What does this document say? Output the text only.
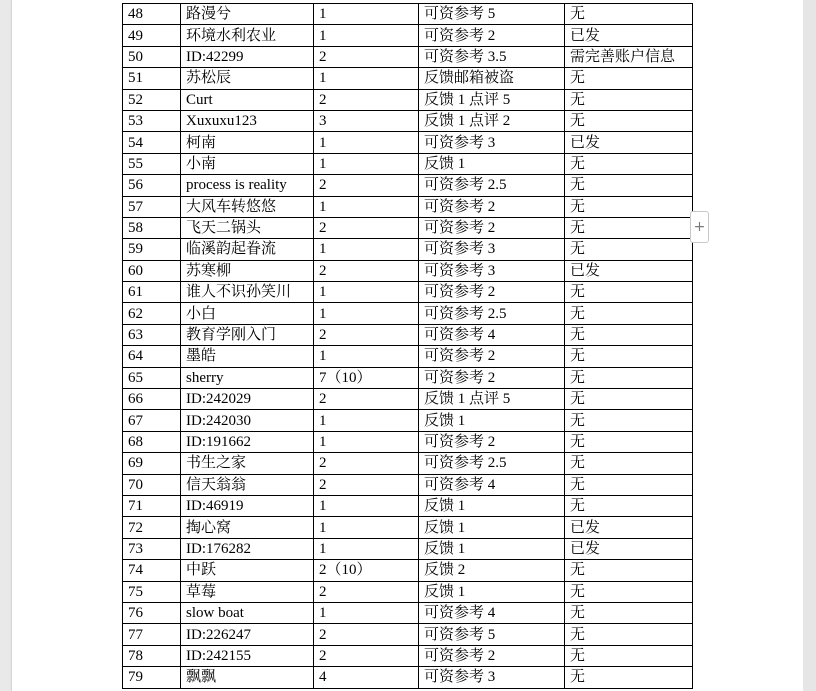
48	路漫兮	1	可资参考 5	无
49	环境水利农业	1	可资参考 2	已发
50	ID:42299	2	可资参考 3.5	需完善账户信息
51	苏松辰	1	反馈邮箱被盗	无
52	Curt	2	反馈 1 点评 5	无
53	Xuxuxu123	3	反馈 1 点评 2	无
54	柯南	1	可资参考 3	已发
55	小南	1	反馈 1	无
56	process is reality	2	可资参考 2.5	无
57	大风车转悠悠	1	可资参考 2	无
58	飞天二锅头	2	可资参考 2	无
59	临溪韵起眷流	1	可资参考 3	无
60	苏寒柳	2	可资参考 3	已发
61	谁人不识孙笑川	1	可资参考 2	无
62	小白	1	可资参考 2.5	无
63	教育学刚入门	2	可资参考 4	无
64	墨皓	1	可资参考 2	无
65	sherry	7（10）	可资参考 2	无
66	ID:242029	2	反馈 1 点评 5	无
67	ID:242030	1	反馈 1	无
68	ID:191662	1	可资参考 2	无
69	书生之家	2	可资参考 2.5	无
70	信天翁翁	2	可资参考 4	无
71	ID:46919	1	反馈 1	无
72	掏心窝	1	反馈 1	已发
73	ID:176282	1	反馈 1	已发
74	中跃	2（10）	反馈 2	无
75	草莓	2	反馈 1	无
76	slow boat	1	可资参考 4	无
77	ID:226247	2	可资参考 5	无
78	ID:242155	2	可资参考 2	无
79	飘飘	4	可资参考 3	无
+
